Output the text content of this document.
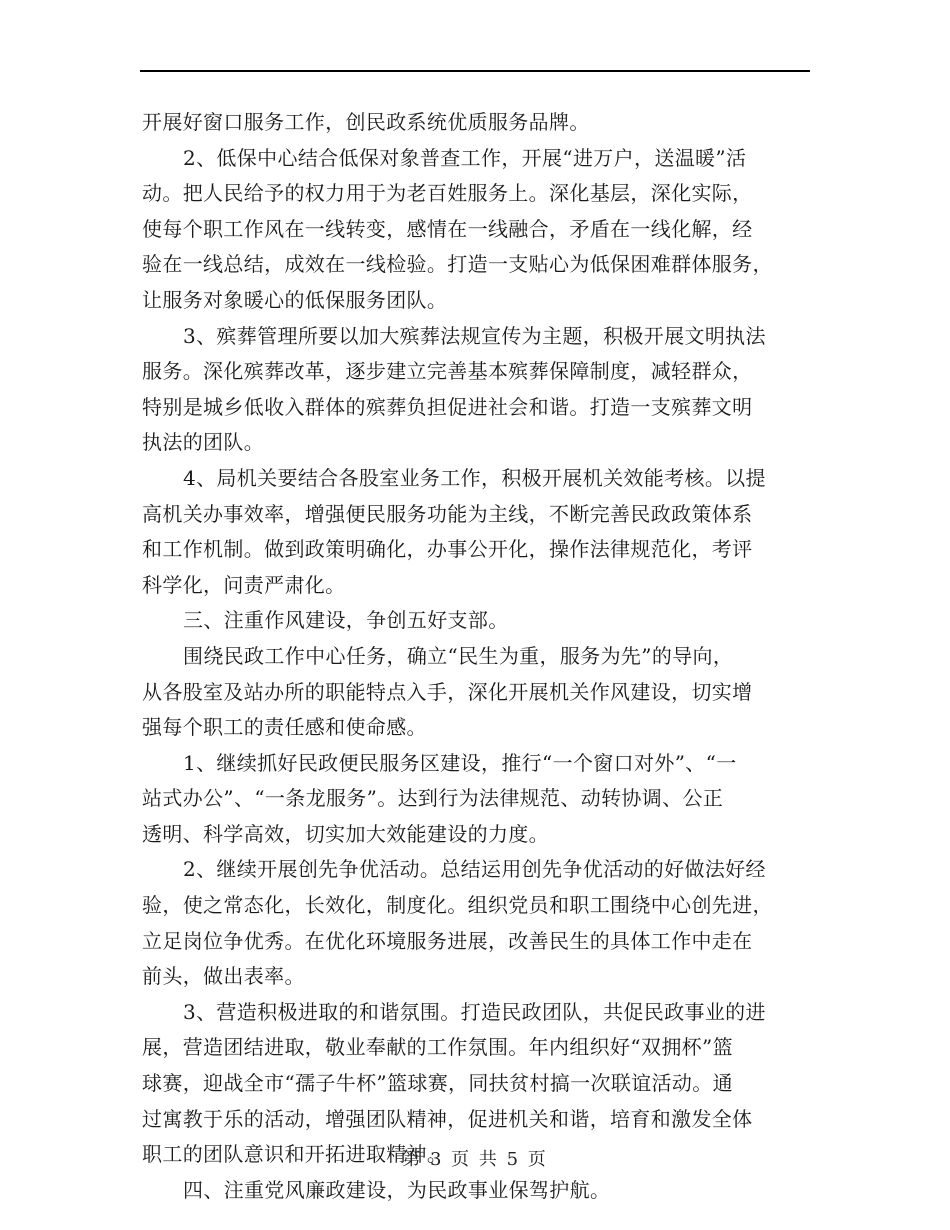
开展好窗口服务工作，创民政系统优质服务品牌。
2、低保中心结合低保对象普查工作，开展“进万户，送温暖”活
动。把人民给予的权力用于为老百姓服务上。深化基层，深化实际，
使每个职工作风在一线转变，感情在一线融合，矛盾在一线化解，经
验在一线总结，成效在一线检验。打造一支贴心为低保困难群体服务，
让服务对象暖心的低保服务团队。
3、殡葬管理所要以加大殡葬法规宣传为主题，积极开展文明执法
服务。深化殡葬改革，逐步建立完善基本殡葬保障制度，减轻群众，
特别是城乡低收入群体的殡葬负担促进社会和谐。打造一支殡葬文明
执法的团队。
4、局机关要结合各股室业务工作，积极开展机关效能考核。以提
高机关办事效率，增强便民服务功能为主线，不断完善民政政策体系
和工作机制。做到政策明确化，办事公开化，操作法律规范化，考评
科学化，问责严肃化。
三、注重作风建设，争创五好支部。
围绕民政工作中心任务，确立“民生为重，服务为先”的导向，
从各股室及站办所的职能特点入手，深化开展机关作风建设，切实增
强每个职工的责任感和使命感。
1、继续抓好民政便民服务区建设，推行“一个窗口对外”、“一
站式办公”、“一条龙服务”。达到行为法律规范、动转协调、公正
透明、科学高效，切实加大效能建设的力度。
2、继续开展创先争优活动。总结运用创先争优活动的好做法好经
验，使之常态化，长效化，制度化。组织党员和职工围绕中心创先进，
立足岗位争优秀。在优化环境服务进展，改善民生的具体工作中走在
前头，做出表率。
3、营造积极进取的和谐氛围。打造民政团队，共促民政事业的进
展，营造团结进取，敬业奉献的工作氛围。年内组织好“双拥杯”篮
球赛，迎战全市“孺子牛杯”篮球赛，同扶贫村搞一次联谊活动。通
过寓教于乐的活动，增强团队精神，促进机关和谐，培育和激发全体
职工的团队意识和开拓进取精神。
四、注重党风廉政建设，为民政事业保驾护航。
第 3 页 共 5 页
